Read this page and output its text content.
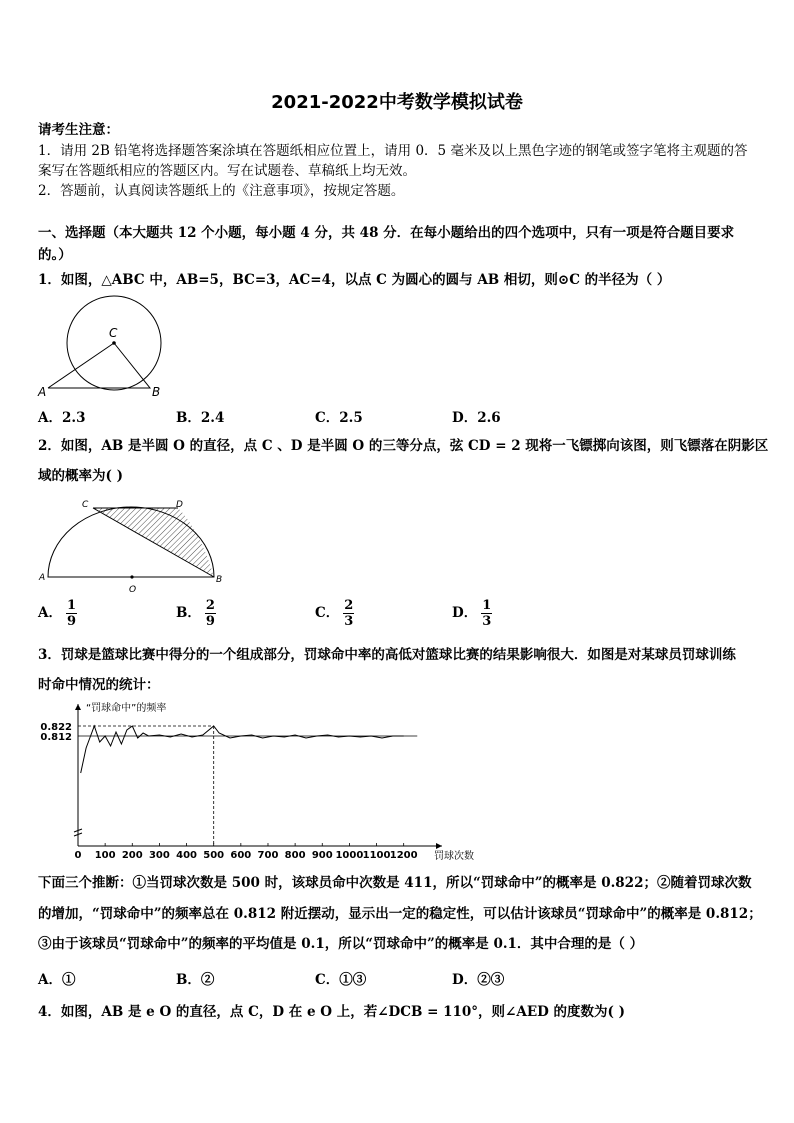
2021-2022中考数学模拟试卷
请考生注意：
1．请用 2B 铅笔将选择题答案涂填在答题纸相应位置上，请用 0．5 毫米及以上黑色字迹的钢笔或签字笔将主观题的答
案写在答题纸相应的答题区内。写在试题卷、草稿纸上均无效。
2．答题前，认真阅读答题纸上的《注意事项》，按规定答题。
一、选择题（本大题共 12 个小题，每小题 4 分，共 48 分．在每小题给出的四个选项中，只有一项是符合题目要求
的。）
1．如图，△ABC 中，AB=5，BC=3，AC=4，以点 C 为圆心的圆与 AB 相切，则⊙C 的半径为（ ）
C
A	B
A．2.3	B．2.4	C．2.5	D．2.6
2．如图，AB 是半圆 O 的直径，点 C 、D 是半圆 O 的三等分点，弦 CD = 2 现将一飞镖掷向该图，则飞镖落在阴影区
域的概率为( )
C	D
A
O
B
A． $\frac{1}{9}$	B． $\frac{2}{9}$	C． $\frac{2}{3}$	D． $\frac{1}{3}$
3．罚球是篮球比赛中得分的一个组成部分，罚球命中率的高低对篮球比赛的结果影响很大．如图是对某球员罚球训练
时命中情况的统计：
0 100 200 300 400 500 600 700 800 900 1000 1100 1200
0.812
0.822
“罚球命中”的频率
罚球次数
下面三个推断：①当罚球次数是 500 时，该球员命中次数是 411，所以“罚球命中”的概率是 0.822；②随着罚球次数
的增加，“罚球命中”的频率总在 0.812 附近摆动，显示出一定的稳定性，可以估计该球员“罚球命中”的概率是 0.812；
③由于该球员“罚球命中”的频率的平均值是 0.1，所以“罚球命中”的概率是 0.1．其中合理的是（ ）
A．①	B．②	C．①③	D．②③
4．如图，AB 是 e O 的直径，点 C，D 在 e O 上，若∠DCB = 110°，则∠AED 的度数为( )
